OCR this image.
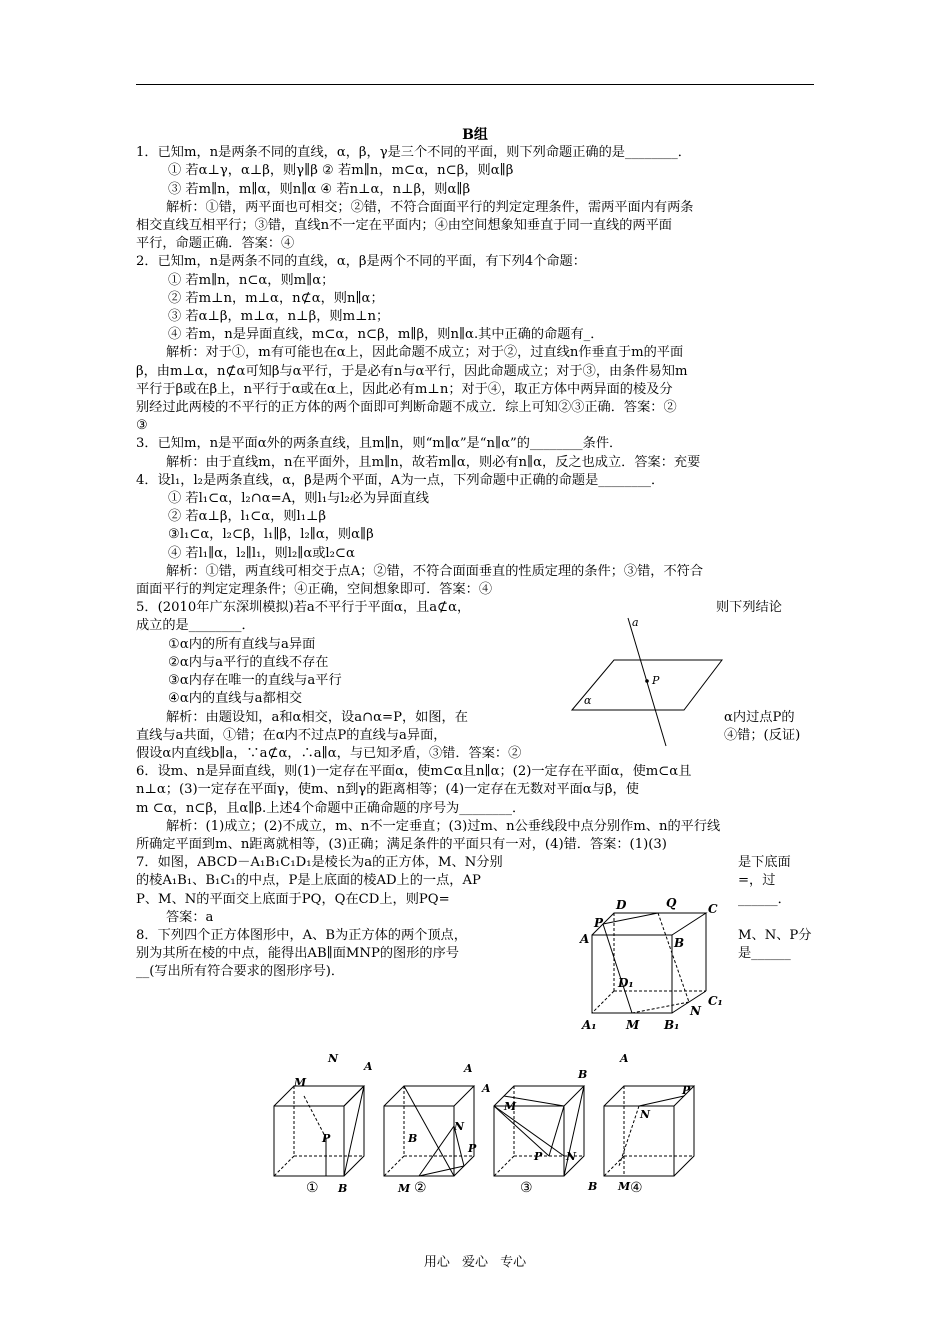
B组

1．已知m，n是两条不同的直线，α，β，γ是三个不同的平面，则下列命题正确的是________．

① 若α⊥γ，α⊥β，则γ∥β ② 若m∥n，m⊂α，n⊂β，则α∥β

③ 若m∥n，m∥α，则n∥α ④ 若n⊥α，n⊥β，则α∥β

解析：①错，两平面也可相交；②错，不符合面面平行的判定定理条件，需两平面内有两条

相交直线互相平行；③错，直线n不一定在平面内；④由空间想象知垂直于同一直线的两平面

平行，命题正确．答案：④

2．已知m，n是两条不同的直线，α，β是两个不同的平面，有下列4个命题：

① 若m∥n，n⊂α，则m∥α；

② 若m⊥n，m⊥α，n⊄α，则n∥α；

③ 若α⊥β，m⊥α，n⊥β，则m⊥n；

④ 若m，n是异面直线，m⊂α，n⊂β，m∥β，则n∥α.其中正确的命题有_．

解析：对于①，m有可能也在α上，因此命题不成立；对于②，过直线n作垂直于m的平面

β，由m⊥α，n⊄α可知β与α平行，于是必有n与α平行，因此命题成立；对于③，由条件易知m

平行于β或在β上，n平行于α或在α上，因此必有m⊥n；对于④，取正方体中两异面的棱及分

别经过此两棱的不平行的正方体的两个面即可判断命题不成立．综上可知②③正确．答案：②

③

3．已知m，n是平面α外的两条直线，且m∥n，则“m∥α”是“n∥α”的________条件．

解析：由于直线m，n在平面外，且m∥n，故若m∥α，则必有n∥α，反之也成立．答案：充要

4．设l₁，l₂是两条直线，α，β是两个平面，A为一点，下列命题中正确的命题是________．

① 若l₁⊂α，l₂∩α=A，则l₁与l₂必为异面直线

② 若α⊥β，l₁⊂α，则l₁⊥β

③l₁⊂α，l₂⊂β，l₁∥β，l₂∥α，则α∥β

④ 若l₁∥α，l₂∥l₁，则l₂∥α或l₂⊂α

解析：①错，两直线可相交于点A；②错，不符合面面垂直的性质定理的条件；③错，不符合

面面平行的判定定理条件；④正确，空间想象即可．答案：④

5．(2010年广东深圳模拟)若a不平行于平面α，且a⊄α，	则下列结论

成立的是________．

①α内的所有直线与a异面

②α内与a平行的直线不存在

③α内存在唯一的直线与a平行

④α内的直线与a都相交

解析：由题设知，a和α相交，设a∩α=P，如图，在	α内过点P的

直线与a共面，①错；在α内不过点P的直线与a异面，	④错；(反证)

假设α内直线b∥a，∵a⊄α，∴a∥α，与已知矛盾，③错．答案：②

6．设m、n是异面直线，则(1)一定存在平面α，使m⊂α且n∥α；(2)一定存在平面α，使m⊂α且

n⊥α；(3)一定存在平面γ，使m、n到γ的距离相等；(4)一定存在无数对平面α与β，使

m ⊂α，n⊂β，且α∥β.上述4个命题中正确命题的序号为________．

解析：(1)成立；(2)不成立，m、n不一定垂直；(3)过m、n公垂线段中点分别作m、n的平行线

所确定平面到m、n距离就相等，(3)正确；满足条件的平面只有一对，(4)错．答案：(1)(3)

7．如图，ABCD－A₁B₁C₁D₁是棱长为a的正方体，M、N分别	是下底面

的棱A₁B₁、B₁C₁的中点，P是上底面的棱AD上的一点，AP	=，过

P、M、N的平面交上底面于PQ，Q在CD上，则PQ=	______．

答案：a

8．下列四个正方体图形中，A、B为正方体的两个顶点，	M、N、P分

别为其所在棱的中点，能得出AB∥面MNP的图形的序号	是______

__(写出所有符合要求的图形序号)．

a
α
P
D	Q	C
A
P
B
D₁
C₁
A₁ M B₁
N
N
A
M
P
B
A
N
B
P
M
A
B
M
P N
A
N
P
B M
①	②	③	④
用心 爱心 专心
